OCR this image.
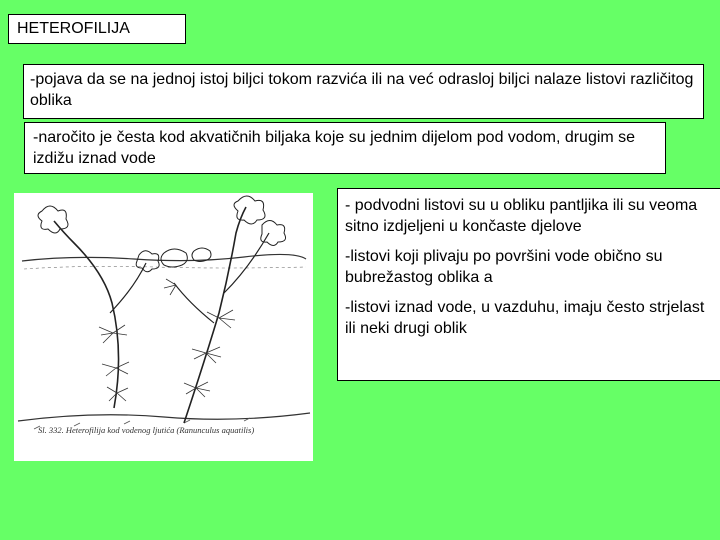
HETEROFILIJA
-pojava da se na jednoj istoj biljci tokom razvića ili na već odrasloj biljci nalaze listovi različitog oblika
-naročito je česta kod akvatičnih biljaka koje su jednim dijelom pod vodom, drugim se izdižu iznad vode

- podvodni listovi su u obliku pantljika ili su veoma sitno izdjeljeni u končaste djelove

-listovi koji plivaju po površini vode obično su bubrežastog oblika a

-listovi iznad vode, u vazduhu, imaju često strjelast ili neki drugi oblik

Sl. 332. Heterofilija kod vodenog ljutića (Ranunculus aquatilis)
